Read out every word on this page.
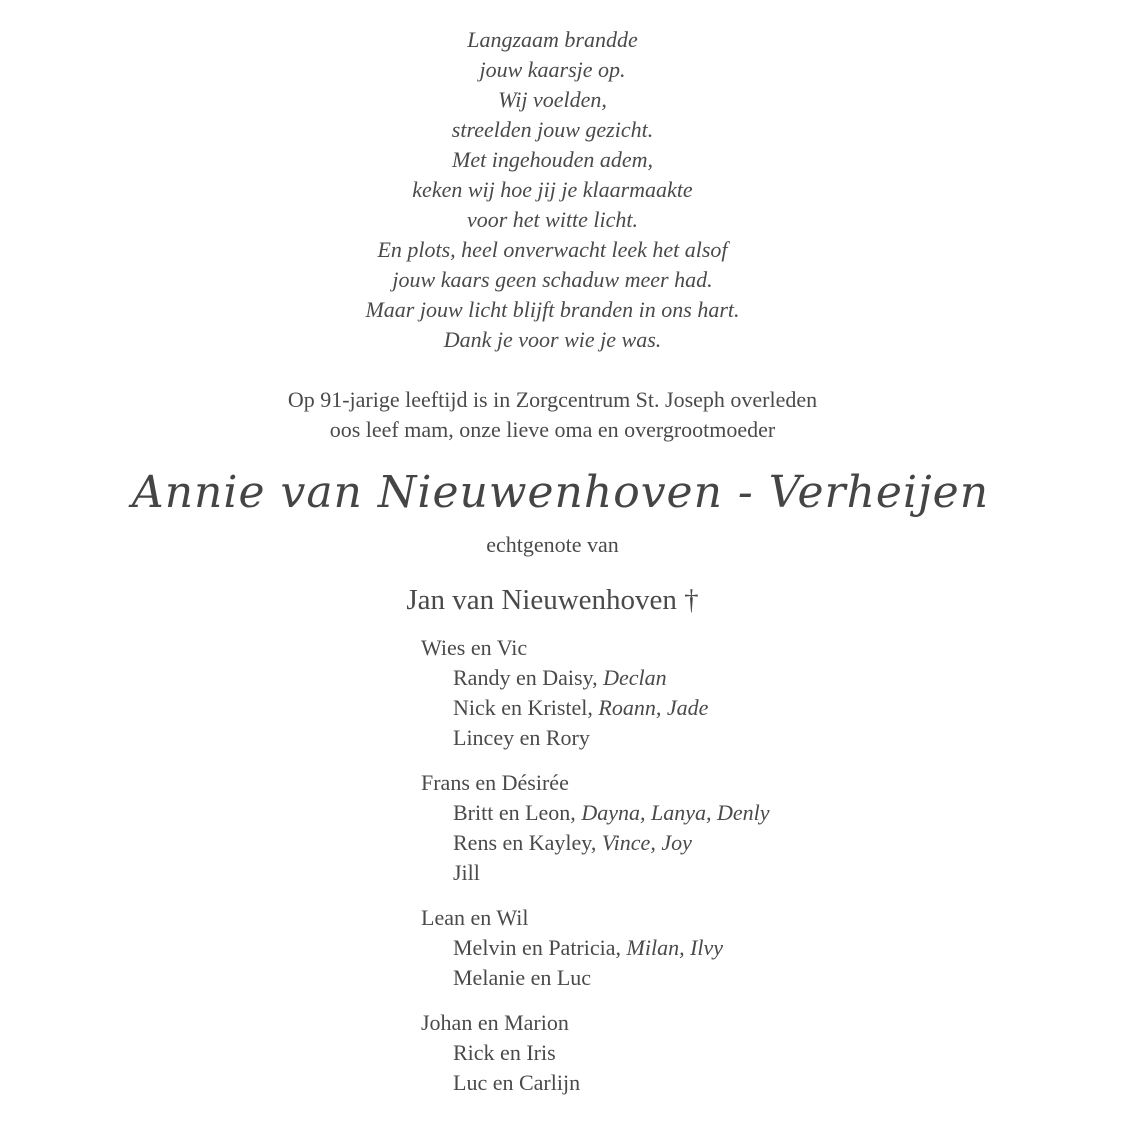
Langzaam brandde
jouw kaarsje op.
Wij voelden,
streelden jouw gezicht.
Met ingehouden adem,
keken wij hoe jij je klaarmaakte
voor het witte licht.
En plots, heel onverwacht leek het alsof
jouw kaars geen schaduw meer had.
Maar jouw licht blijft branden in ons hart.
Dank je voor wie je was.
Op 91-jarige leeftijd is in Zorgcentrum St. Joseph overleden
oos leef mam, onze lieve oma en overgrootmoeder
Annie van Nieuwenhoven - Verheijen
echtgenote van
Jan van Nieuwenhoven †
Wies en Vic
Randy en Daisy, Declan
Nick en Kristel, Roann, Jade
Lincey en Rory
Frans en Désirée
Britt en Leon, Dayna, Lanya, Denly
Rens en Kayley, Vince, Joy
Jill
Lean en Wil
Melvin en Patricia, Milan, Ilvy
Melanie en Luc
Johan en Marion
Rick en Iris
Luc en Carlijn
